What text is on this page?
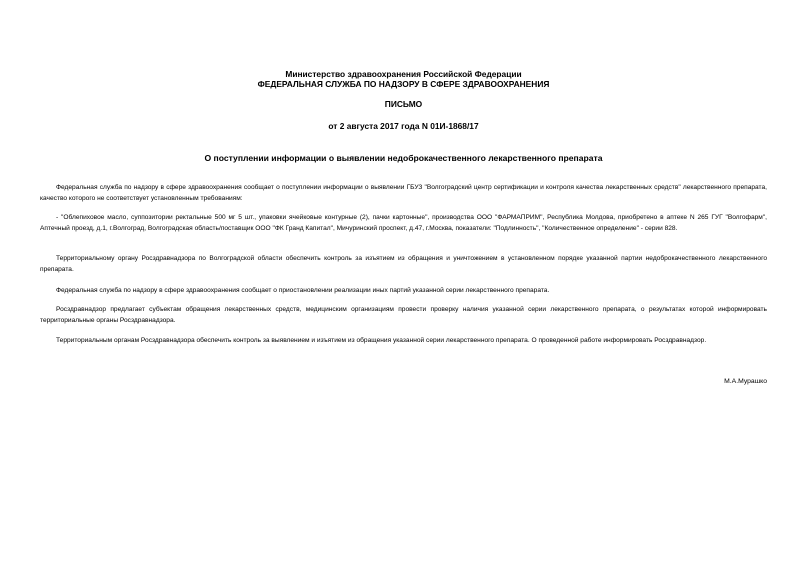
Министерство здравоохранения Российской Федерации
ФЕДЕРАЛЬНАЯ СЛУЖБА ПО НАДЗОРУ В СФЕРЕ ЗДРАВООХРАНЕНИЯ
ПИСЬМО
от 2 августа 2017 года N 01И-1868/17
О поступлении информации о выявлении недоброкачественного лекарственного препарата

Федеральная служба по надзору в сфере здравоохранения сообщает о поступлении информации о выявлении ГБУЗ "Волгоградский центр сертификации и контроля качества лекарственных средств" лекарственного препарата, качество которого не соответствует установленным требованиям:

- "Облепиховое масло, суппозитории ректальные 500 мг 5 шт., упаковки ячейковые контурные (2), пачки картонные", производства ООО "ФАРМАПРИМ", Республика Молдова, приобретено в аптеке N 265 ГУГ "Волгофарм", Аптечный проезд, д.1, г.Волгоград, Волгоградская область/поставщик ООО "ФК Гранд Капитал", Мичуринский проспект, д.47, г.Москва, показатели: "Подлинность", "Количественное определение" - серии 828.

Территориальному органу Росздравнадзора по Волгоградской области обеспечить контроль за изъятием из обращения и уничтожением в установленном порядке указанной партии недоброкачественного лекарственного препарата.

Федеральная служба по надзору в сфере здравоохранения сообщает о приостановлении реализации иных партий указанной серии лекарственного препарата.

Росздравнадзор предлагает субъектам обращения лекарственных средств, медицинским организациям провести проверку наличия указанной серии лекарственного препарата, о результатах которой информировать территориальные органы Росздравнадзора.

Территориальным органам Росздравнадзора обеспечить контроль за выявлением и изъятием из обращения указанной серии лекарственного препарата. О проведенной работе информировать Росздравнадзор.

М.А.Мурашко
